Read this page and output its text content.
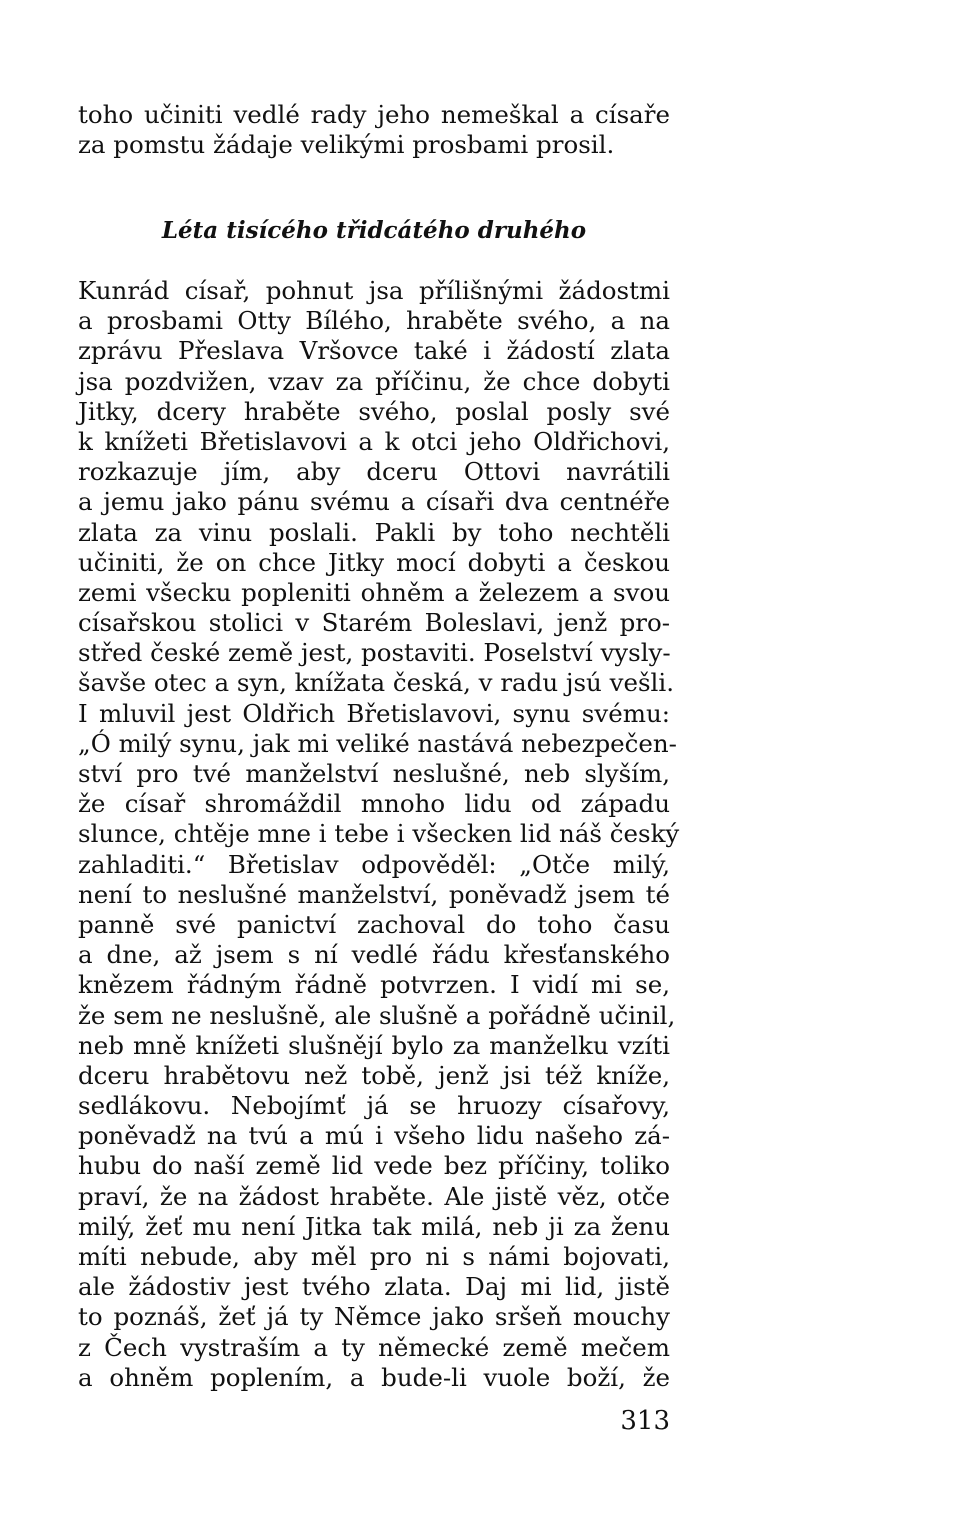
toho učiniti vedlé rady jeho nemeškal a císaře
za pomstu žádaje velikými prosbami prosil.
Léta tisícého třidcátého druhého
Kunrád císař, pohnut jsa přílišnými žádostmi
a prosbami Otty Bílého, hraběte svého, a na
zprávu Přeslava Vršovce také i žádostí zlata
jsa pozdvižen, vzav za příčinu, že chce dobyti
Jitky, dcery hraběte svého, poslal posly své
k knížeti Břetislavovi a k otci jeho Oldřichovi,
rozkazuje jím, aby dceru Ottovi navrátili
a jemu jako pánu svému a císaři dva centnéře
zlata za vinu poslali. Pakli by toho nechtěli
učiniti, že on chce Jitky mocí dobyti a českou
zemi všecku popleniti ohněm a železem a svou
císařskou stolici v Starém Boleslavi, jenž pro-
střed české země jest, postaviti. Poselství vysly-
šavše otec a syn, knížata česká, v radu jsú vešli.
I mluvil jest Oldřich Břetislavovi, synu svému:
„Ó milý synu, jak mi veliké nastává nebezpečen-
ství pro tvé manželství neslušné, neb slyším,
že císař shromáždil mnoho lidu od západu
slunce, chtěje mne i tebe i všecken lid náš český
zahladiti.“ Břetislav odpověděl: „Otče milý,
není to neslušné manželství, poněvadž jsem té
panně své panictví zachoval do toho času
a dne, až jsem s ní vedlé řádu křesťanského
knězem řádným řádně potvrzen. I vidí mi se,
že sem ne neslušně, ale slušně a pořádně učinil,
neb mně knížeti slušnějí bylo za manželku vzíti
dceru hrabětovu než tobě, jenž jsi též kníže,
sedlákovu. Nebojímť já se hruozy císařovy,
poněvadž na tvú a mú i všeho lidu našeho zá-
hubu do naší země lid vede bez příčiny, toliko
praví, že na žádost hraběte. Ale jistě věz, otče
milý, žeť mu není Jitka tak milá, neb ji za ženu
míti nebude, aby měl pro ni s námi bojovati,
ale žádostiv jest tvého zlata. Daj mi lid, jistě
to poznáš, žeť já ty Němce jako sršeň mouchy
z Čech vystraším a ty německé země mečem
a ohněm poplením, a bude-li vuole boží, že
313
